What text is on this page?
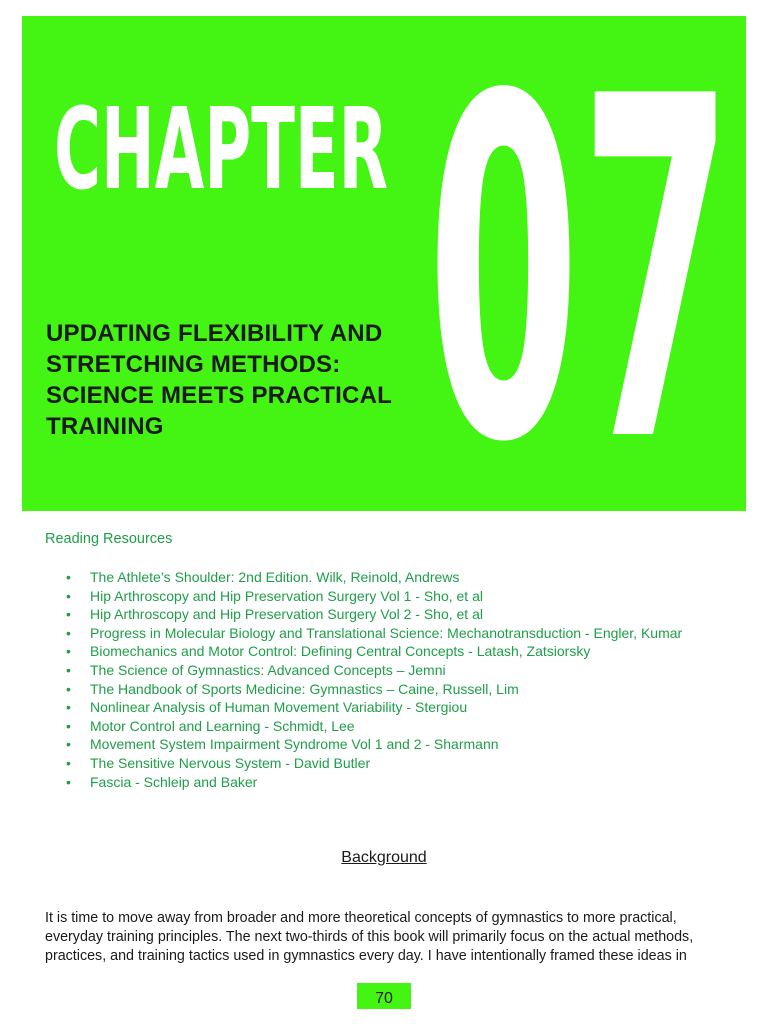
CHAPTER 07
UPDATING FLEXIBILITY AND
STRETCHING METHODS:
SCIENCE MEETS PRACTICAL
TRAINING

Reading Resources

• The Athlete’s Shoulder: 2nd Edition. Wilk, Reinold, Andrews
• Hip Arthroscopy and Hip Preservation Surgery Vol 1 - Sho, et al
• Hip Arthroscopy and Hip Preservation Surgery Vol 2 - Sho, et al
• Progress in Molecular Biology and Translational Science: Mechanotransduction - Engler, Kumar
• Biomechanics and Motor Control: Defining Central Concepts - Latash, Zatsiorsky
• The Science of Gymnastics: Advanced Concepts – Jemni
• The Handbook of Sports Medicine: Gymnastics – Caine, Russell, Lim
• Nonlinear Analysis of Human Movement Variability - Stergiou
• Motor Control and Learning - Schmidt, Lee
• Movement System Impairment Syndrome Vol 1 and 2 - Sharmann
• The Sensitive Nervous System - David Butler
• Fascia - Schleip and Baker
Background

It is time to move away from broader and more theoretical concepts of gymnastics to more practical,
everyday training principles. The next two-thirds of this book will primarily focus on the actual methods,
practices, and training tactics used in gymnastics every day. I have intentionally framed these ideas in

70
